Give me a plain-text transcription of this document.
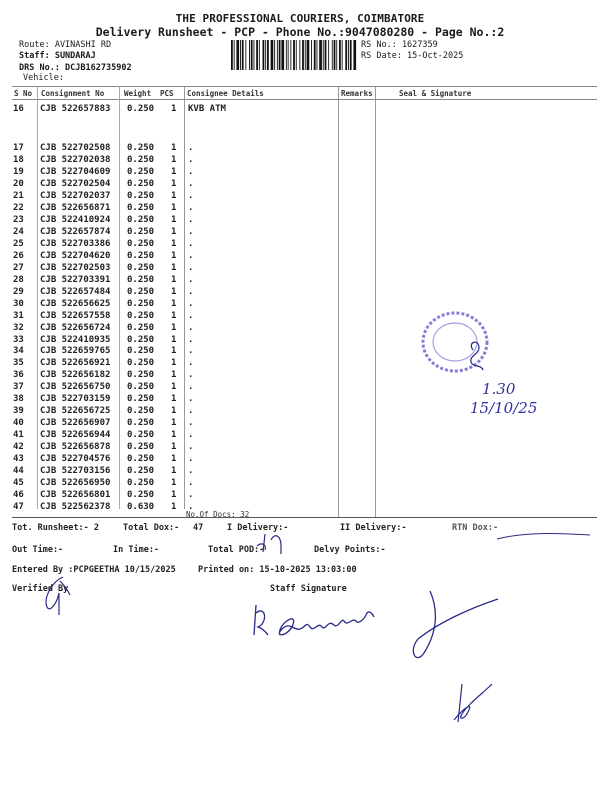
THE PROFESSIONAL COURIERS, COIMBATORE
Delivery Runsheet - PCP - Phone No.:9047080280 - Page No.:2
Route: AVINASHI RD
Staff: SUNDARAJ
DRS No.: DCJB162735902
Vehicle:
RS No.: 1627359
RS Date: 15-Oct-2025
S No Consignment No	Weight PCS Consignee Details	Remarks	Seal & Signature
16 CJB 522657883 0.250 1 KVB ATM
17 CJB 522702508 0.250 1 .
18 CJB 522702038 0.250 1 .
19 CJB 522704609 0.250 1 .
20 CJB 522702504 0.250 1 .
21 CJB 522702037 0.250 1 .
22 CJB 522656871 0.250 1 .
23 CJB 522410924 0.250 1 .
24 CJB 522657874 0.250 1 .
25 CJB 522703386 0.250 1 .
26 CJB 522704620 0.250 1 .
27 CJB 522702503 0.250 1 .
28 CJB 522703391 0.250 1 .
29 CJB 522657484 0.250 1 .
30 CJB 522656625 0.250 1 .
31 CJB 522657558 0.250 1 .
32 CJB 522656724 0.250 1 .
33 CJB 522410935 0.250 1 .
34 CJB 522659765 0.250 1 .
35 CJB 522656921 0.250 1 .
36 CJB 522656182 0.250 1 .
37 CJB 522656750 0.250 1 .
38 CJB 522703159 0.250 1 .
39 CJB 522656725 0.250 1 .
40 CJB 522656907 0.250 1 .
41 CJB 522656944 0.250 1 .
42 CJB 522656878 0.250 1 .
43 CJB 522704576 0.250 1 .
44 CJB 522703156 0.250 1 .
45 CJB 522656950 0.250 1 .
46 CJB 522656801 0.250 1 .
47 CJB 522562378 0.630 1 .
No.Of Docs: 32
Tot. Runsheet:- 2	Total Dox:- 47	I Delivery:-	II Delivery:-	RTN Dox:-
Out Time:-	In Time:-	Total POD:-	Delvy Points:-
Entered By :PCPGEETHA 10/15/2025	Printed on: 15-10-2025 13:03:00
Verified By	Staff Signature
1.30
15/10/25
